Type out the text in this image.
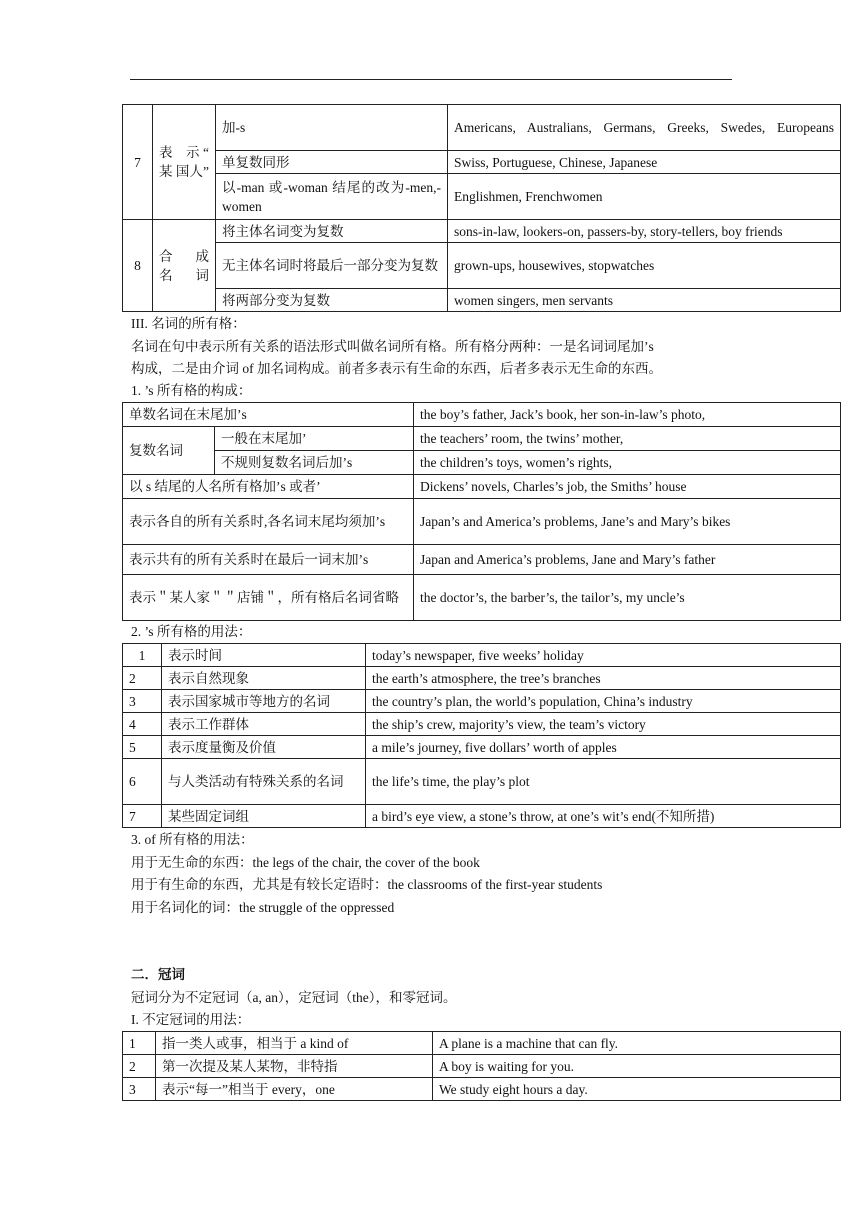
7	表　示 “　某 国人”	加-s	Americans, Australians, Germans, Greeks, Swedes, Europeans
		单复数同形	Swiss, Portuguese, Chinese, Japanese
		以-man 或-woman 结尾的改为-men,-women	Englishmen, Frenchwomen
8	合　成 名词	将主体名词变为复数	sons-in-law, lookers-on, passers-by, story-tellers, boy friends
		无主体名词时将最后一部分变为复数	grown-ups, housewives, stopwatches
		将两部分变为复数	women singers, men servants
III. 名词的所有格：
名词在句中表示所有关系的语法形式叫做名词所有格。所有格分两种：一是名词词尾加’s
构成，二是由介词 of 加名词构成。前者多表示有生命的东西，后者多表示无生命的东西。
1. ’s 所有格的构成：
单数名词在末尾加’s		the boy’s father, Jack’s book, her son-in-law’s photo,
复数名词	一般在末尾加’	the teachers’ room, the twins’ mother,
	不规则复数名词后加’s	the children’s toys, women’s rights,
以 s 结尾的人名所有格加’s 或者’		Dickens’ novels, Charles’s job, the Smiths’ house
表示各自的所有关系时,各名词末尾均须加’s		Japan’s and America’s problems, Jane’s and Mary’s bikes
表示共有的所有关系时在最后一词末加’s		Japan and America’s problems, Jane and Mary’s father
表示＂某人家＂＂店铺＂，所有格后名词省略		the doctor’s, the barber’s, the tailor’s, my uncle’s
2. ’s 所有格的用法：
1	表示时间	today’s newspaper, five weeks’ holiday
2	表示自然现象	the earth’s atmosphere, the tree’s branches
3	表示国家城市等地方的名词	the country’s plan, the world’s population, China’s industry
4	表示工作群体	the ship’s crew, majority’s view, the team’s victory
5	表示度量衡及价值	a mile’s journey, five dollars’ worth of apples
6	与人类活动有特殊关系的名词	the life’s time, the play’s plot
7	某些固定词组	a bird’s eye view, a stone’s throw, at one’s wit’s end(不知所措)
3. of 所有格的用法：
用于无生命的东西：the legs of the chair, the cover of the book
用于有生命的东西，尤其是有较长定语时：the classrooms of the first-year students
用于名词化的词：the struggle of the oppressed
二．冠词
冠词分为不定冠词（a, an），定冠词（the），和零冠词。
I. 不定冠词的用法：
1	指一类人或事，相当于 a kind of	A plane is a machine that can fly.
2	第一次提及某人某物，非特指	A boy is waiting for you.
3	表示“每一”相当于 every，one	We study eight hours a day.
